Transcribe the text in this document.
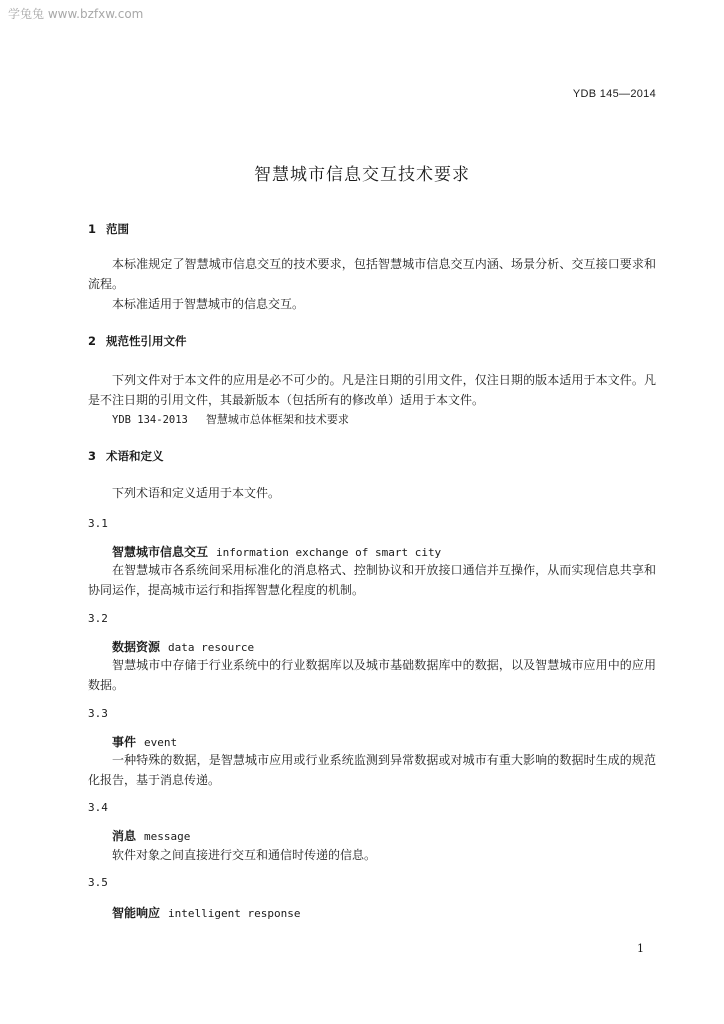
学兔兔 www.bzfxw.com
YDB 145—2014
智慧城市信息交互技术要求
1 范围
本标准规定了智慧城市信息交互的技术要求，包括智慧城市信息交互内涵、场景分析、交互接口要求和流程。
本标准适用于智慧城市的信息交互。
2 规范性引用文件
下列文件对于本文件的应用是必不可少的。凡是注日期的引用文件，仅注日期的版本适用于本文件。凡是不注日期的引用文件，其最新版本（包括所有的修改单）适用于本文件。
YDB 134-2013 智慧城市总体框架和技术要求
3 术语和定义
下列术语和定义适用于本文件。
3.1
智慧城市信息交互 information exchange of smart city
在智慧城市各系统间采用标准化的消息格式、控制协议和开放接口通信并互操作，从而实现信息共享和协同运作，提高城市运行和指挥智慧化程度的机制。
3.2
数据资源 data resource
智慧城市中存储于行业系统中的行业数据库以及城市基础数据库中的数据，以及智慧城市应用中的应用数据。
3.3
事件 event
一种特殊的数据，是智慧城市应用或行业系统监测到异常数据或对城市有重大影响的数据时生成的规范化报告，基于消息传递。
3.4
消息 message
软件对象之间直接进行交互和通信时传递的信息。
3.5
智能响应 intelligent response
1
